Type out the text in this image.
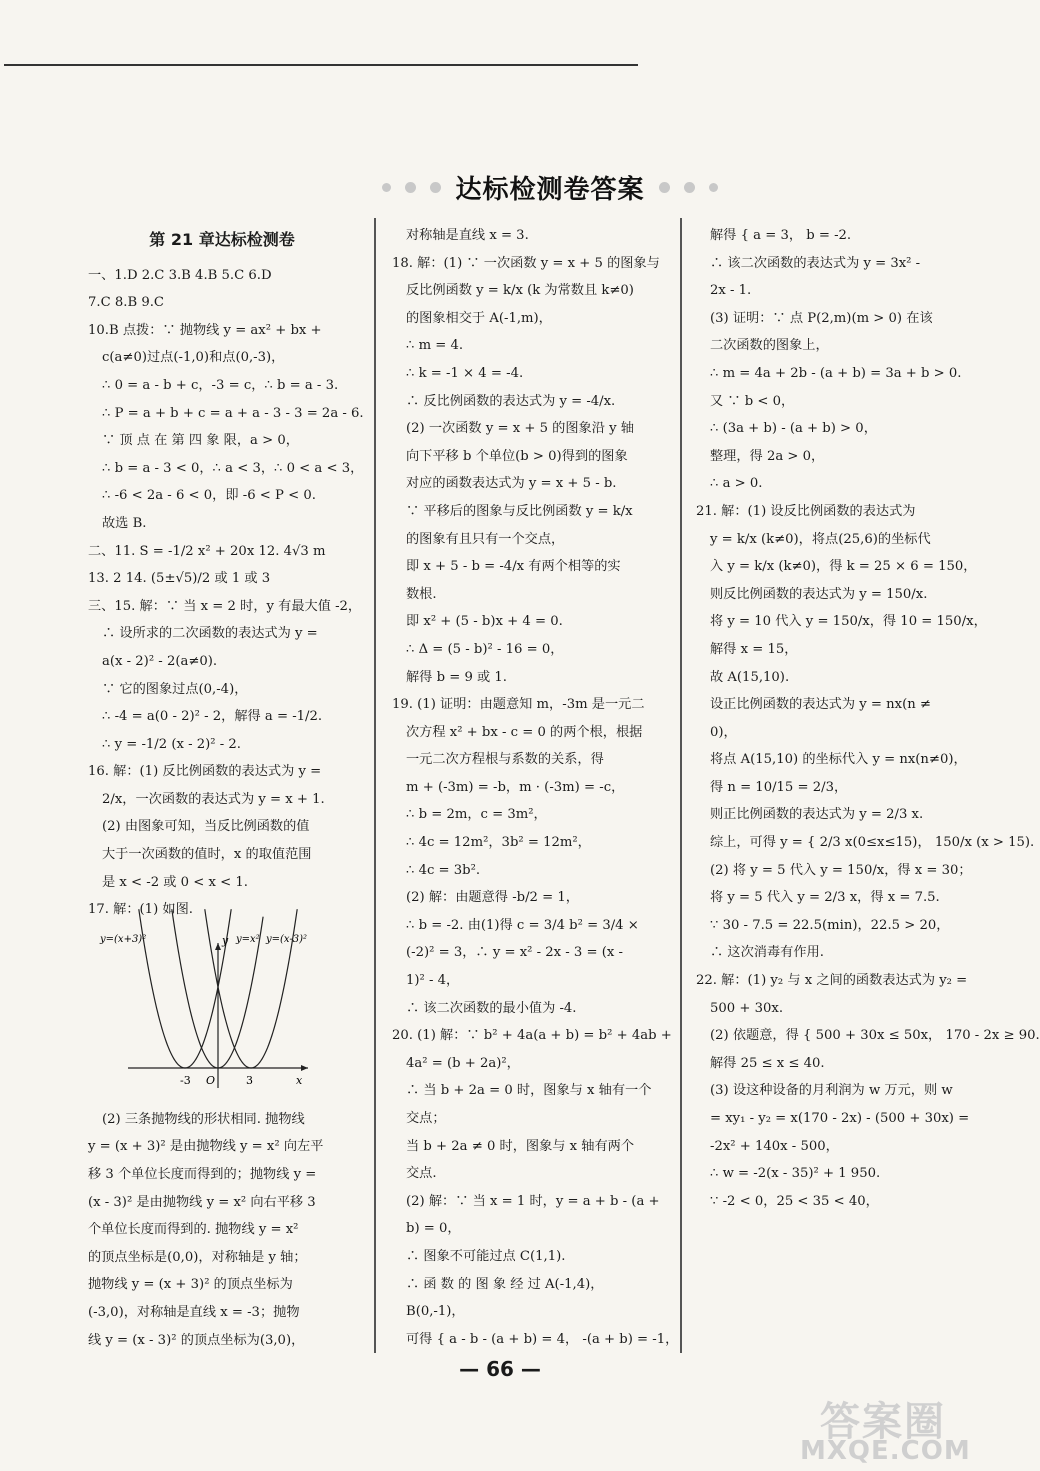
达标检测卷答案
第 21 章达标检测卷
一、1.D 2.C 3.B 4.B 5.C 6.D
7.C 8.B 9.C
10.B 点拨：∵ 抛物线 y = ax² + bx +
c(a≠0)过点(-1,0)和点(0,-3)，
∴ 0 = a - b + c，-3 = c，∴ b = a - 3.
∴ P = a + b + c = a + a - 3 - 3 = 2a - 6.
∵ 顶 点 在 第 四 象 限，a > 0，
∴ b = a - 3 < 0，∴ a < 3，∴ 0 < a < 3，
∴ -6 < 2a - 6 < 0，即 -6 < P < 0.
故选 B.
二、11. S = -1/2 x² + 20x 12. 4√3 m
13. 2 14. (5±√5)/2 或 1 或 3
三、15. 解：∵ 当 x = 2 时，y 有最大值 -2，
∴ 设所求的二次函数的表达式为 y =
a(x - 2)² - 2(a≠0).
∵ 它的图象过点(0,-4)，
∴ -4 = a(0 - 2)² - 2，解得 a = -1/2.
∴ y = -1/2 (x - 2)² - 2.
16. 解：(1) 反比例函数的表达式为 y =
2/x，一次函数的表达式为 y = x + 1.
(2) 由图象可知，当反比例函数的值
大于一次函数的值时，x 的取值范围
是 x < -2 或 0 < x < 1.
17. 解：(1) 如图.
y=(x+3)²	y y=x² y=(x-3)²
-3 O	3	x
(2) 三条抛物线的形状相同. 抛物线
y = (x + 3)² 是由抛物线 y = x² 向左平
移 3 个单位长度而得到的；抛物线 y =
(x - 3)² 是由抛物线 y = x² 向右平移 3
个单位长度而得到的. 抛物线 y = x²
的顶点坐标是(0,0)，对称轴是 y 轴；
抛物线 y = (x + 3)² 的顶点坐标为
(-3,0)，对称轴是直线 x = -3；抛物
线 y = (x - 3)² 的顶点坐标为(3,0)，
对称轴是直线 x = 3.
18. 解：(1) ∵ 一次函数 y = x + 5 的图象与
反比例函数 y = k/x (k 为常数且 k≠0)
的图象相交于 A(-1,m)，
∴ m = 4.
∴ k = -1 × 4 = -4.
∴ 反比例函数的表达式为 y = -4/x.
(2) 一次函数 y = x + 5 的图象沿 y 轴
向下平移 b 个单位(b > 0)得到的图象
对应的函数表达式为 y = x + 5 - b.
∵ 平移后的图象与反比例函数 y = k/x
的图象有且只有一个交点，
即 x + 5 - b = -4/x 有两个相等的实
数根.
即 x² + (5 - b)x + 4 = 0.
∴ Δ = (5 - b)² - 16 = 0，
解得 b = 9 或 1.
19. (1) 证明：由题意知 m，-3m 是一元二
次方程 x² + bx - c = 0 的两个根，根据
一元二次方程根与系数的关系，得
m + (-3m) = -b，m · (-3m) = -c，
∴ b = 2m，c = 3m²，
∴ 4c = 12m²，3b² = 12m²，
∴ 4c = 3b².
(2) 解：由题意得 -b/2 = 1，
∴ b = -2. 由(1)得 c = 3/4 b² = 3/4 ×
(-2)² = 3，∴ y = x² - 2x - 3 = (x -
1)² - 4，
∴ 该二次函数的最小值为 -4.
20. (1) 解：∵ b² + 4a(a + b) = b² + 4ab +
4a² = (b + 2a)²，
∴ 当 b + 2a = 0 时，图象与 x 轴有一个
交点；
当 b + 2a ≠ 0 时，图象与 x 轴有两个
交点.
(2) 解：∵ 当 x = 1 时，y = a + b - (a +
b) = 0，
∴ 图象不可能过点 C(1,1).
∴ 函 数 的 图 象 经 过 A(-1,4)，
B(0,-1)，
可得 { a - b - (a + b) = 4， -(a + b) = -1，
解得 { a = 3， b = -2.
∴ 该二次函数的表达式为 y = 3x² -
2x - 1.
(3) 证明：∵ 点 P(2,m)(m > 0) 在该
二次函数的图象上，
∴ m = 4a + 2b - (a + b) = 3a + b > 0.
又 ∵ b < 0，
∴ (3a + b) - (a + b) > 0，
整理，得 2a > 0，
∴ a > 0.
21. 解：(1) 设反比例函数的表达式为
y = k/x (k≠0)，将点(25,6)的坐标代
入 y = k/x (k≠0)，得 k = 25 × 6 = 150，
则反比例函数的表达式为 y = 150/x.
将 y = 10 代入 y = 150/x，得 10 = 150/x，
解得 x = 15，
故 A(15,10).
设正比例函数的表达式为 y = nx(n ≠
0)，
将点 A(15,10) 的坐标代入 y = nx(n≠0)，
得 n = 10/15 = 2/3，
则正比例函数的表达式为 y = 2/3 x.
综上，可得 y = { 2/3 x(0≤x≤15)， 150/x (x > 15).
(2) 将 y = 5 代入 y = 150/x，得 x = 30；
将 y = 5 代入 y = 2/3 x，得 x = 7.5.
∵ 30 - 7.5 = 22.5(min)，22.5 > 20，
∴ 这次消毒有作用.
22. 解：(1) y₂ 与 x 之间的函数表达式为 y₂ =
500 + 30x.
(2) 依题意，得 { 500 + 30x ≤ 50x， 170 - 2x ≥ 90.
解得 25 ≤ x ≤ 40.
(3) 设这种设备的月利润为 w 万元，则 w
= xy₁ - y₂ = x(170 - 2x) - (500 + 30x) =
-2x² + 140x - 500，
∴ w = -2(x - 35)² + 1 950.
∵ -2 < 0，25 < 35 < 40，
— 66 —
答案圈
MXQE.COM
